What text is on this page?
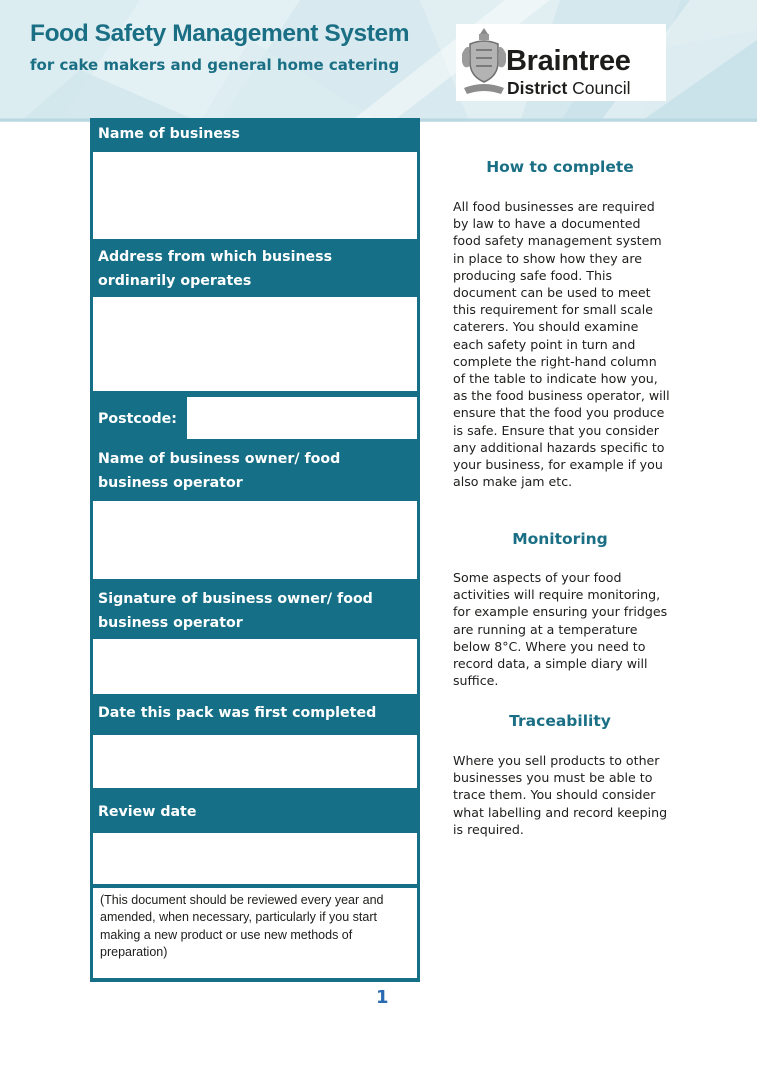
Food Safety Management System
for cake makers and general home catering	Braintree
District Council
Name of business
Address from which business ordinarily operates
Postcode:
Name of business owner/ food business operator
Signature of business owner/ food business operator
Date this pack was first completed
Review date
(This document should be reviewed every year and amended, when necessary, particularly if you start making a new product or use new methods of preparation)
1
How to complete

All food businesses are required by law to have a documented food safety management system in place to show how they are producing safe food. This document can be used to meet this requirement for small scale caterers. You should examine each safety point in turn and complete the right-hand column of the table to indicate how you, as the food business operator, will ensure that the food you produce is safe. Ensure that you consider any additional hazards specific to your business, for example if you also make jam etc.

Monitoring

Some aspects of your food activities will require monitoring, for example ensuring your fridges are running at a temperature below 8°C. Where you need to record data, a simple diary will suffice.

Traceability

Where you sell products to other businesses you must be able to trace them. You should consider what labelling and record keeping is required.
